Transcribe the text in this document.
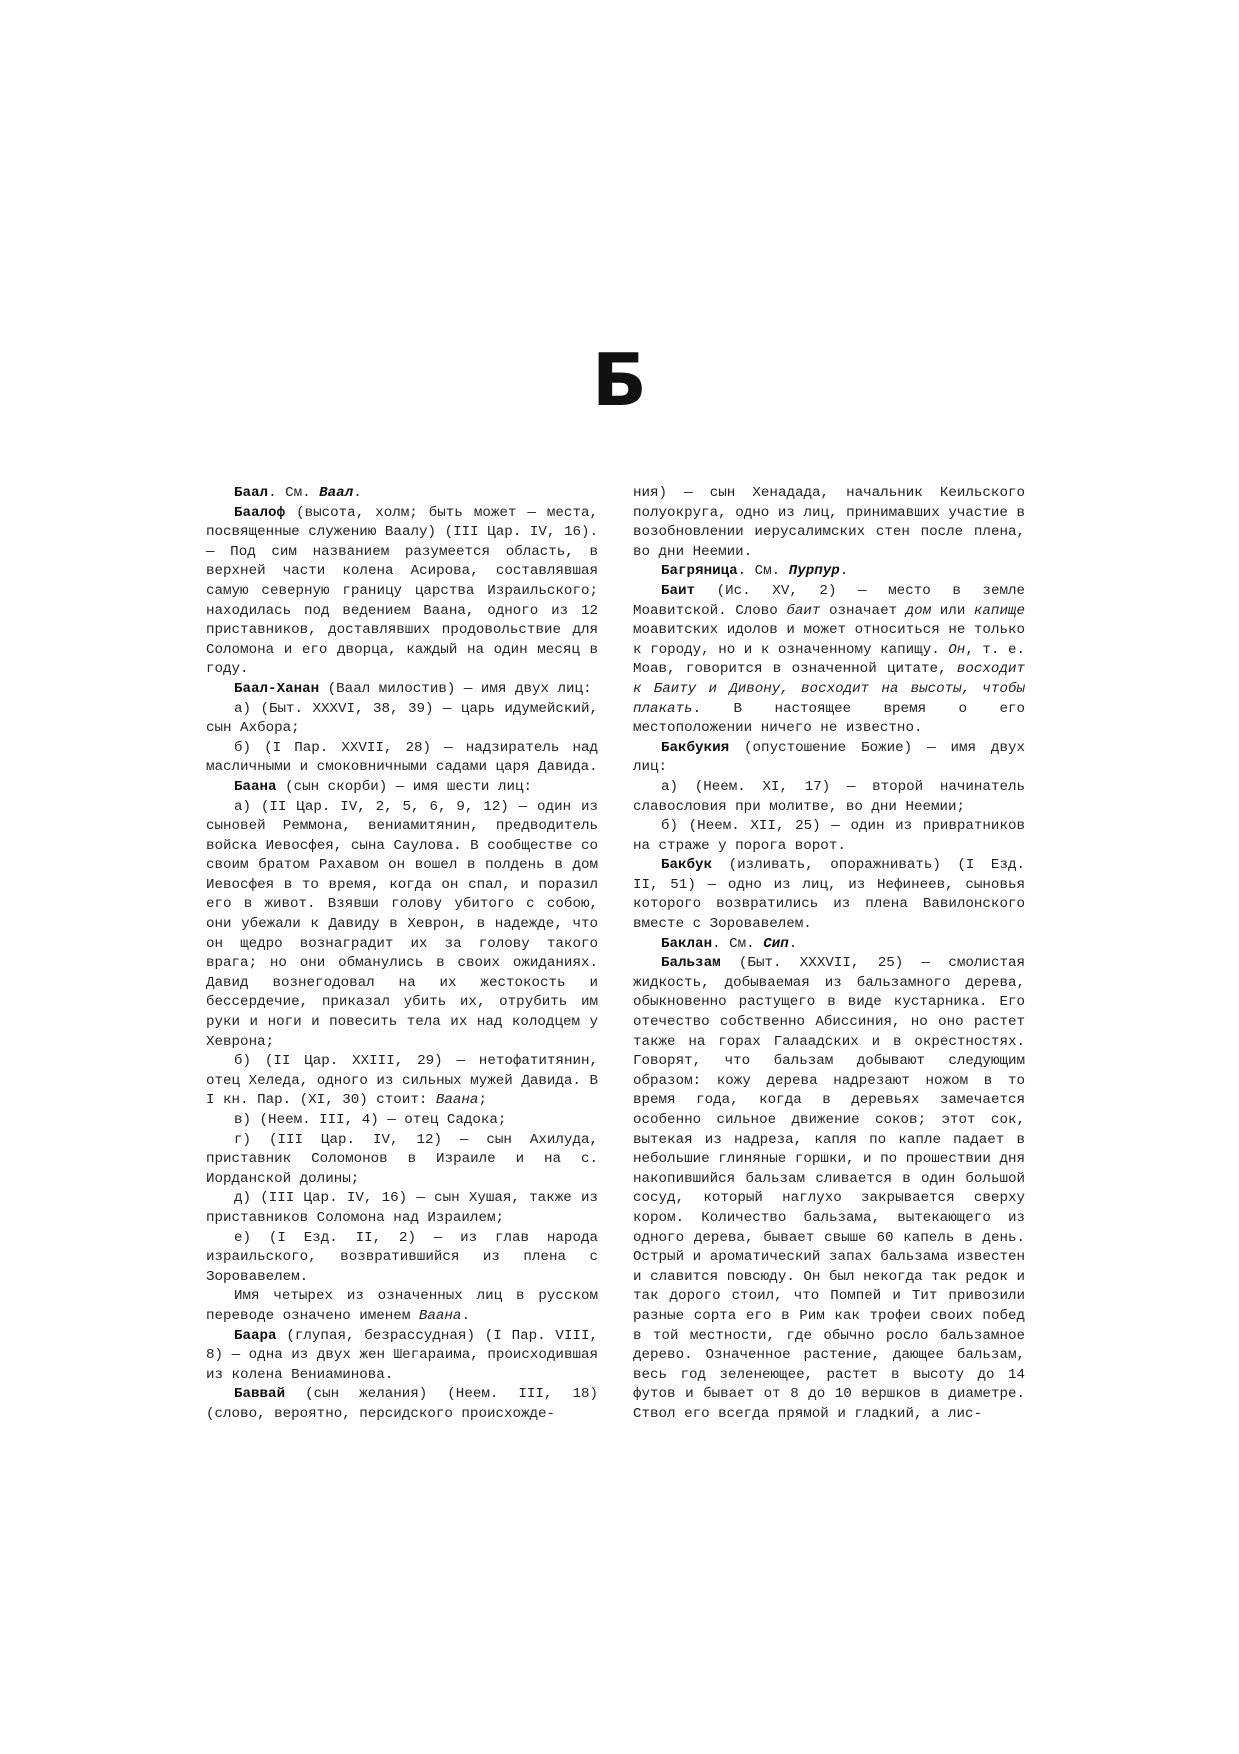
Б

Баал. См. Ваал.

Баалоф (высота, холм; быть может — места, посвященные служению Ваалу) (III Цар. IV, 16). — Под сим названием разумеется область, в верхней части колена Асирова, составлявшая самую северную границу царства Израильского; находилась под ведением Ваана, одного из 12 приставников, доставлявших продовольствие для Соломона и его дворца, каждый на один месяц в году.

Баал-Ханан (Ваал милостив) — имя двух лиц:

а) (Быт. XXXVI, 38, 39) — царь идумейский, сын Ахбора;

б) (I Пар. XXVII, 28) — надзиратель над масличными и смоковничными садами царя Давида.

Баана (сын скорби) — имя шести лиц:

а) (II Цар. IV, 2, 5, 6, 9, 12) — один из сыновей Реммона, вениамитянин, предводитель войска Иевосфея, сына Саулова. В сообществе со своим братом Рахавом он вошел в полдень в дом Иевосфея в то время, когда он спал, и поразил его в живот. Взявши голову убитого с собою, они убежали к Давиду в Хеврон, в надежде, что он щедро вознаградит их за голову такого врага; но они обманулись в своих ожиданиях. Давид вознегодовал на их жестокость и бессердечие, приказал убить их, отрубить им руки и ноги и повесить тела их над колодцем у Хеврона;

б) (II Цар. XXIII, 29) — нетофатитянин, отец Хеледа, одного из сильных мужей Давида. В I кн. Пар. (XI, 30) стоит: Ваана;

в) (Неем. III, 4) — отец Садока;

г) (III Цар. IV, 12) — сын Ахилуда, приставник Соломонов в Израиле и на с. Иорданской долины;

д) (III Цар. IV, 16) — сын Хушая, также из приставников Соломона над Израилем;

е) (I Езд. II, 2) — из глав народа израильского, возвратившийся из плена с Зоровавелем.

Имя четырех из означенных лиц в русском переводе означено именем Ваана.

Баара (глупая, безрассудная) (I Пар. VIII, 8) — одна из двух жен Шегараима, происходившая из колена Вениаминова.

Баввай (сын желания) (Неем. III, 18) (слово, вероятно, персидского происхожде-

ния) — сын Хенадада, начальник Кеильского полуокруга, одно из лиц, принимавших участие в возобновлении иерусалимских стен после плена, во дни Неемии.

Багряница. См. Пурпур.

Баит (Ис. XV, 2) — место в земле Моавитской. Слово баит означает дом или капище моавитских идолов и может относиться не только к городу, но и к означенному капищу. Он, т. е. Моав, говорится в означенной цитате, восходит к Баиту и Дивону, восходит на высоты, чтобы плакать. В настоящее время о его местоположении ничего не известно.

Бакбукия (опустошение Божие) — имя двух лиц:

а) (Неем. XI, 17) — второй начинатель славословия при молитве, во дни Неемии;

б) (Неем. XII, 25) — один из привратников на страже у порога ворот.

Бакбук (изливать, опоражнивать) (I Езд. II, 51) — одно из лиц, из Нефинеев, сыновья которого возвратились из плена Вавилонского вместе с Зоровавелем.

Баклан. См. Сип.

Бальзам (Быт. XXXVII, 25) — смолистая жидкость, добываемая из бальзамного дерева, обыкновенно растущего в виде кустарника. Его отечество собственно Абиссиния, но оно растет также на горах Галаадских и в окрестностях. Говорят, что бальзам добывают следующим образом: кожу дерева надрезают ножом в то время года, когда в деревьях замечается особенно сильное движение соков; этот сок, вытекая из надреза, капля по капле падает в небольшие глиняные горшки, и по прошествии дня накопившийся бальзам сливается в один большой сосуд, который наглухо закрывается сверху кором. Количество бальзама, вытекающего из одного дерева, бывает свыше 60 капель в день. Острый и ароматический запах бальзама известен и славится повсюду. Он был некогда так редок и так дорого стоил, что Помпей и Тит привозили разные сорта его в Рим как трофеи своих побед в той местности, где обычно росло бальзамное дерево. Означенное растение, дающее бальзам, весь год зеленеющее, растет в высоту до 14 футов и бывает от 8 до 10 вершков в диаметре. Ствол его всегда прямой и гладкий, а лис-
